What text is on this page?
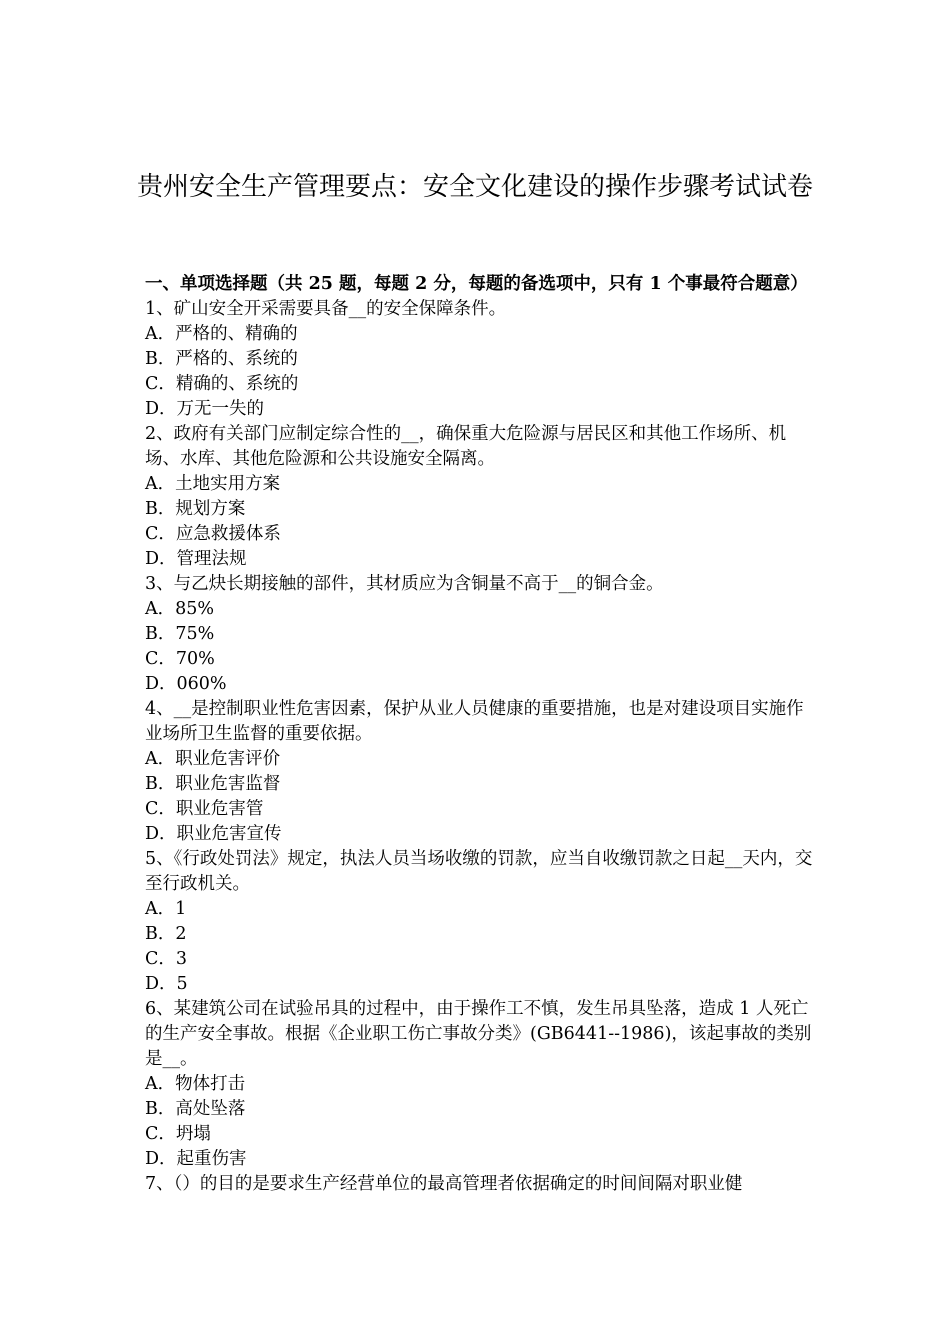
贵州安全生产管理要点：安全文化建设的操作步骤考试试卷

一、单项选择题（共 25 题，每题 2 分，每题的备选项中，只有 1 个事最符合题意）

1、矿山安全开采需要具备__的安全保障条件。

A．严格的、精确的

B．严格的、系统的

C．精确的、系统的

D．万无一失的

2、政府有关部门应制定综合性的__，确保重大危险源与居民区和其他工作场所、机场、水库、其他危险源和公共设施安全隔离。

A．土地实用方案

B．规划方案

C．应急救援体系

D．管理法规

3、与乙炔长期接触的部件，其材质应为含铜量不高于__的铜合金。

A．85%

B．75%

C．70%

D．060%

4、__是控制职业性危害因素，保护从业人员健康的重要措施，也是对建设项目实施作业场所卫生监督的重要依据。

A．职业危害评价

B．职业危害监督

C．职业危害管

D．职业危害宣传

5、《行政处罚法》规定，执法人员当场收缴的罚款，应当自收缴罚款之日起__天内，交至行政机关。

A．1

B．2

C．3

D．5

6、某建筑公司在试验吊具的过程中，由于操作工不慎，发生吊具坠落，造成 1 人死亡的生产安全事故。根据《企业职工伤亡事故分类》(GB6441--1986)，该起事故的类别是__。

A．物体打击

B．高处坠落

C．坍塌

D．起重伤害

7、（）的目的是要求生产经营单位的最高管理者依据确定的时间间隔对职业健
